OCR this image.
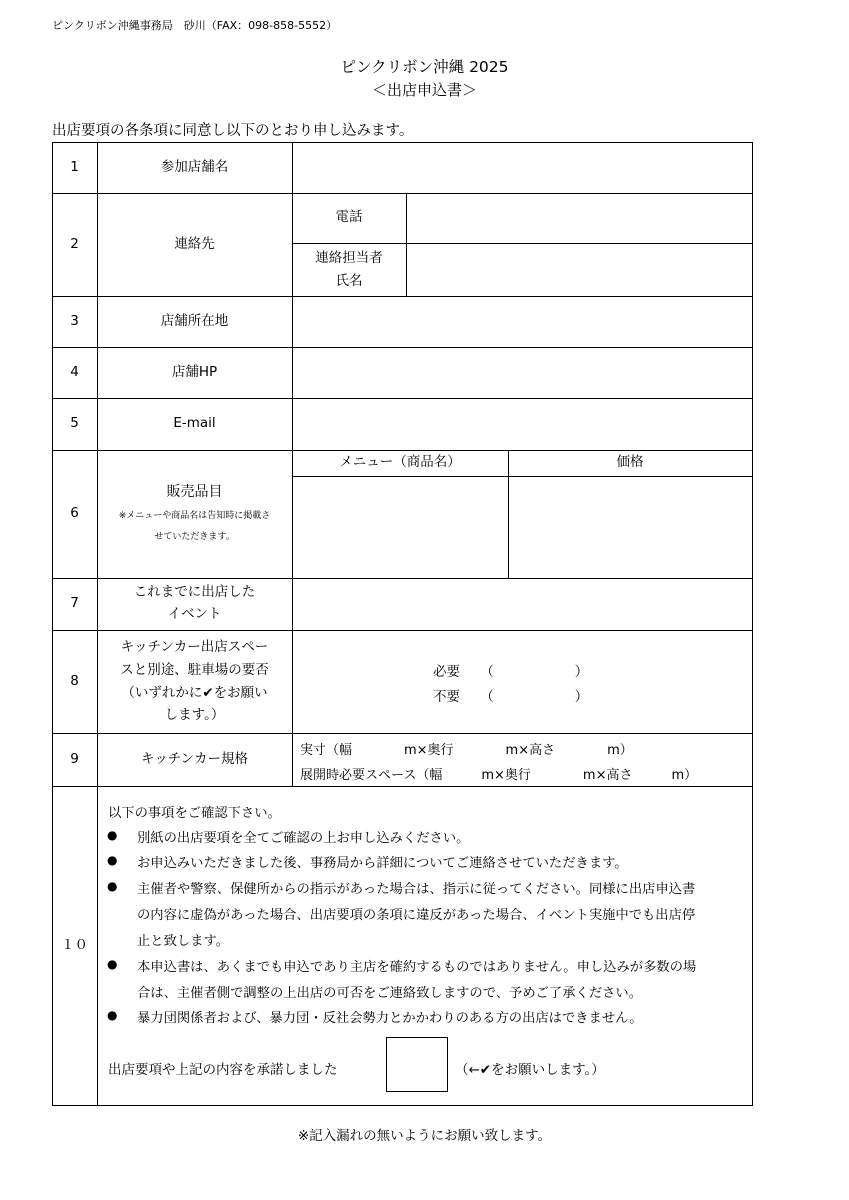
ピンクリボン沖縄事務局　砂川（FAX：098-858-5552）
ピンクリボン沖縄 2025
＜出店申込書＞
出店要項の各条項に同意し以下のとおり申し込みます。
1
2
3
4
5
6
7
8
9
１０
参加店舗名
連絡先
店舗所在地
店舗HP
E-mail
販売品目
※メニューや商品名は告知時に掲載さ
せていただきます。
これまでに出店した
イベント
キッチンカー出店スペー
スと別途、駐車場の要否
（いずれかに✔をお願い
します。）
キッチンカー規格
電話
連絡担当者
氏名
メニュー（商品名）	価格
必要　　（　　　　　　）
不要　　（　　　　　　）
実寸（幅　　　　m×奥行　　　　m×高さ　　　　m）
展開時必要スペース（幅　　　m×奥行　　　　m×高さ　　　m）
以下の事項をご確認下さい。
● 別紙の出店要項を全てご確認の上お申し込みください。
● お申込みいただきました後、事務局から詳細についてご連絡させていただきます。
● 主催者や警察、保健所からの指示があった場合は、指示に従ってください。同様に出店申込書
の内容に虚偽があった場合、出店要項の条項に違反があった場合、イベント実施中でも出店停
止と致します。
● 本申込書は、あくまでも申込であり主店を確約するものではありません。申し込みが多数の場
合は、主催者側で調整の上出店の可否をご連絡致しますので、予めご了承ください。
● 暴力団関係者および、暴力団・反社会勢力とかかわりのある方の出店はできません。
出店要項や上記の内容を承諾しました	（←✔をお願いします。）
※記入漏れの無いようにお願い致します。
